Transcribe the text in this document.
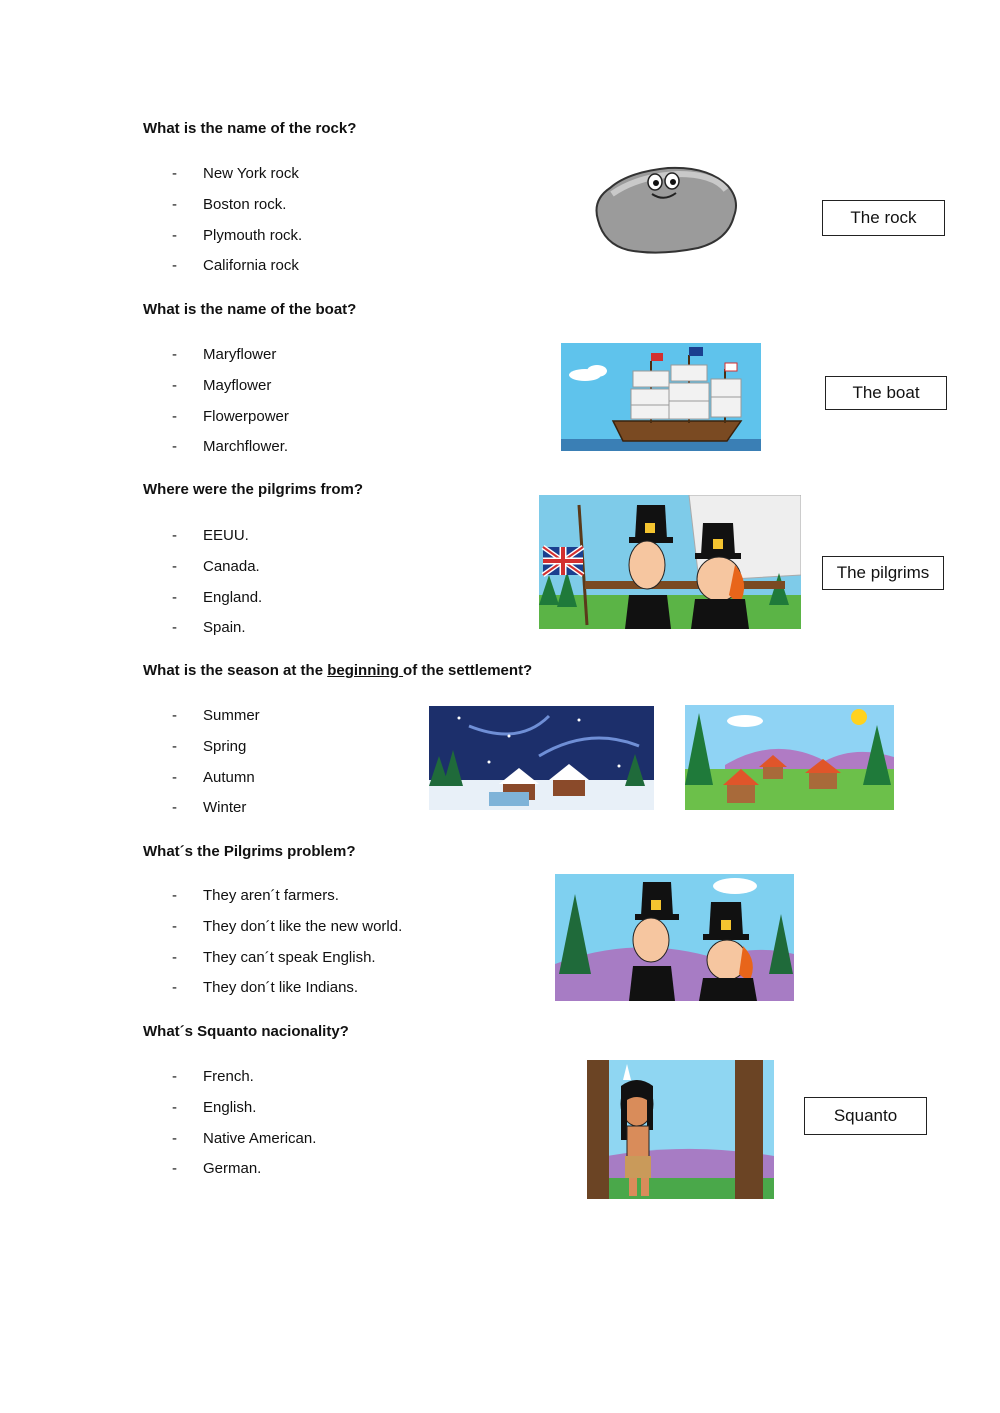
What is the name of the rock?

-	New York rock
-	Boston rock.
-	Plymouth rock.
-	California rock
The rock

What is the name of the boat?

-	Maryflower
-	Mayflower
-	Flowerpower
-	Marchflower.
The boat

Where were the pilgrims from?

-	EEUU.
-	Canada.
-	England.
-	Spain.
The pilgrims

What is the season at the beginning of the settlement?

-	Summer
-	Spring
-	Autumn
-	Winter

What´s the Pilgrims problem?

-	They aren´t farmers.
-	They don´t like the new world.
-	They can´t speak English.
-	They don´t like Indians.

What´s Squanto nacionality?

-	French.
-	English.
-	Native American.
-	German.
Squanto
